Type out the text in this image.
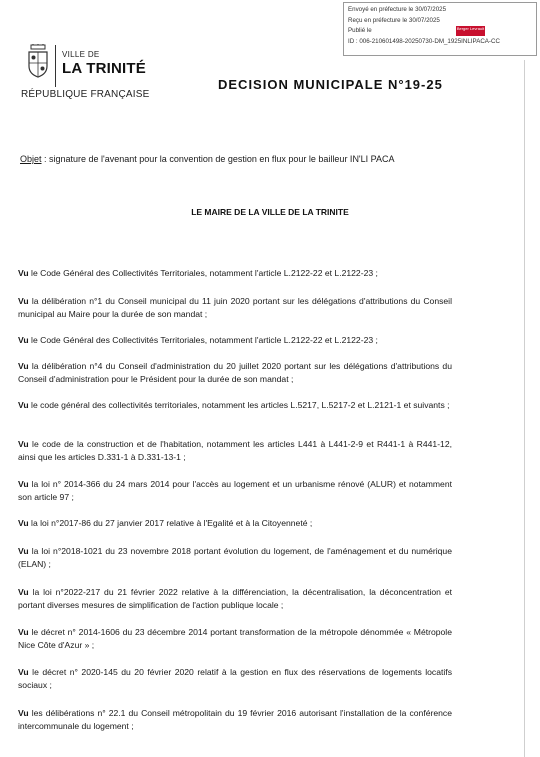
Envoyé en préfecture le 30/07/2025
Reçu en préfecture le 30/07/2025
Publié le
ID : 006-210601498-20250730-DM_1925INLIPACA-CC
Berger Levrault
VILLE DE
LA TRINITÉ
RÉPUBLIQUE FRANÇAISE
DECISION MUNICIPALE N°19-25
Objet : signature de l'avenant pour la convention de gestion en flux pour le bailleur IN'LI PACA
LE MAIRE DE LA VILLE DE LA TRINITE
Vu le Code Général des Collectivités Territoriales, notamment l'article L.2122-22 et L.2122-23 ;
Vu la délibération n°1 du Conseil municipal du 11 juin 2020 portant sur les délégations d'attributions du Conseil municipal au Maire pour la durée de son mandat ;
Vu le Code Général des Collectivités Territoriales, notamment l'article L.2122-22 et L.2122-23 ;
Vu la délibération n°4 du Conseil d'administration du 20 juillet 2020 portant sur les délégations d'attributions du Conseil d'administration pour le Président pour la durée de son mandat ;
Vu le code général des collectivités territoriales, notamment les articles L.5217, L.5217-2 et L.2121-1 et suivants ;
Vu le code de la construction et de l'habitation, notamment les articles L441 à L441-2-9 et R441-1 à R441-12, ainsi que les articles D.331-1 à D.331-13-1 ;
Vu la loi n° 2014-366 du 24 mars 2014 pour l'accès au logement et un urbanisme rénové (ALUR) et notamment son article 97 ;
Vu la loi n°2017-86 du 27 janvier 2017 relative à l'Egalité et à la Citoyenneté ;
Vu la loi n°2018-1021 du 23 novembre 2018 portant évolution du logement, de l'aménagement et du numérique (ELAN) ;
Vu la loi n°2022-217 du 21 février 2022 relative à la différenciation, la décentralisation, la déconcentration et portant diverses mesures de simplification de l'action publique locale ;
Vu le décret n° 2014-1606 du 23 décembre 2014 portant transformation de la métropole dénommée « Métropole Nice Côte d'Azur » ;
Vu le décret n° 2020-145 du 20 février 2020 relatif à la gestion en flux des réservations de logements locatifs sociaux ;
Vu les délibérations n° 22.1 du Conseil métropolitain du 19 février 2016 autorisant l'installation de la conférence intercommunale du logement ;
